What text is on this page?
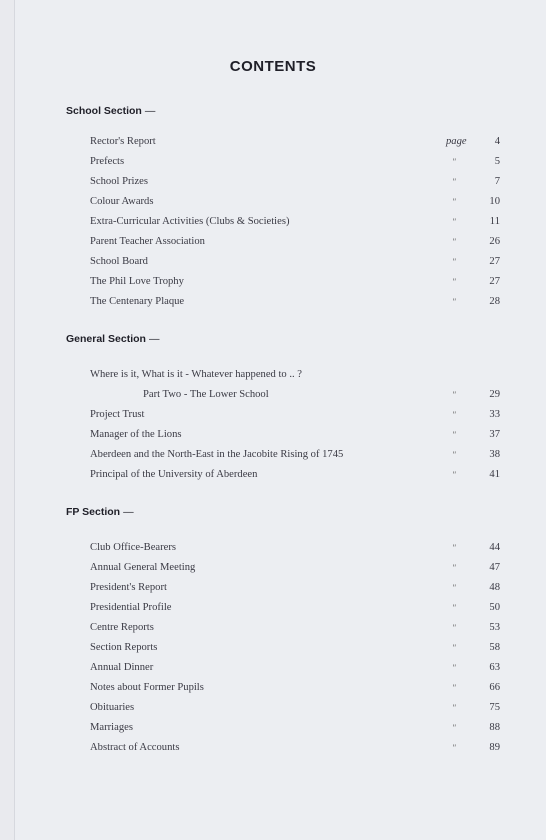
CONTENTS
School Section —
Rector's Report	page	4
Prefects	"	5
School Prizes	"	7
Colour Awards	"	10
Extra-Curricular Activities (Clubs & Societies)	"	11
Parent Teacher Association	"	26
School Board	"	27
The Phil Love Trophy	"	27
The Centenary Plaque	"	28
General Section —
Where is it, What is it - Whatever happened to .. ?
Part Two - The Lower School	"	29
Project Trust	"	33
Manager of the Lions	"	37
Aberdeen and the North-East in the Jacobite Rising of 1745	"	38
Principal of the University of Aberdeen	"	41
FP Section —
Club Office-Bearers	"	44
Annual General Meeting	"	47
President's Report	"	48
Presidential Profile	"	50
Centre Reports	"	53
Section Reports	"	58
Annual Dinner	"	63
Notes about Former Pupils	"	66
Obituaries	"	75
Marriages	"	88
Abstract of Accounts	"	89
